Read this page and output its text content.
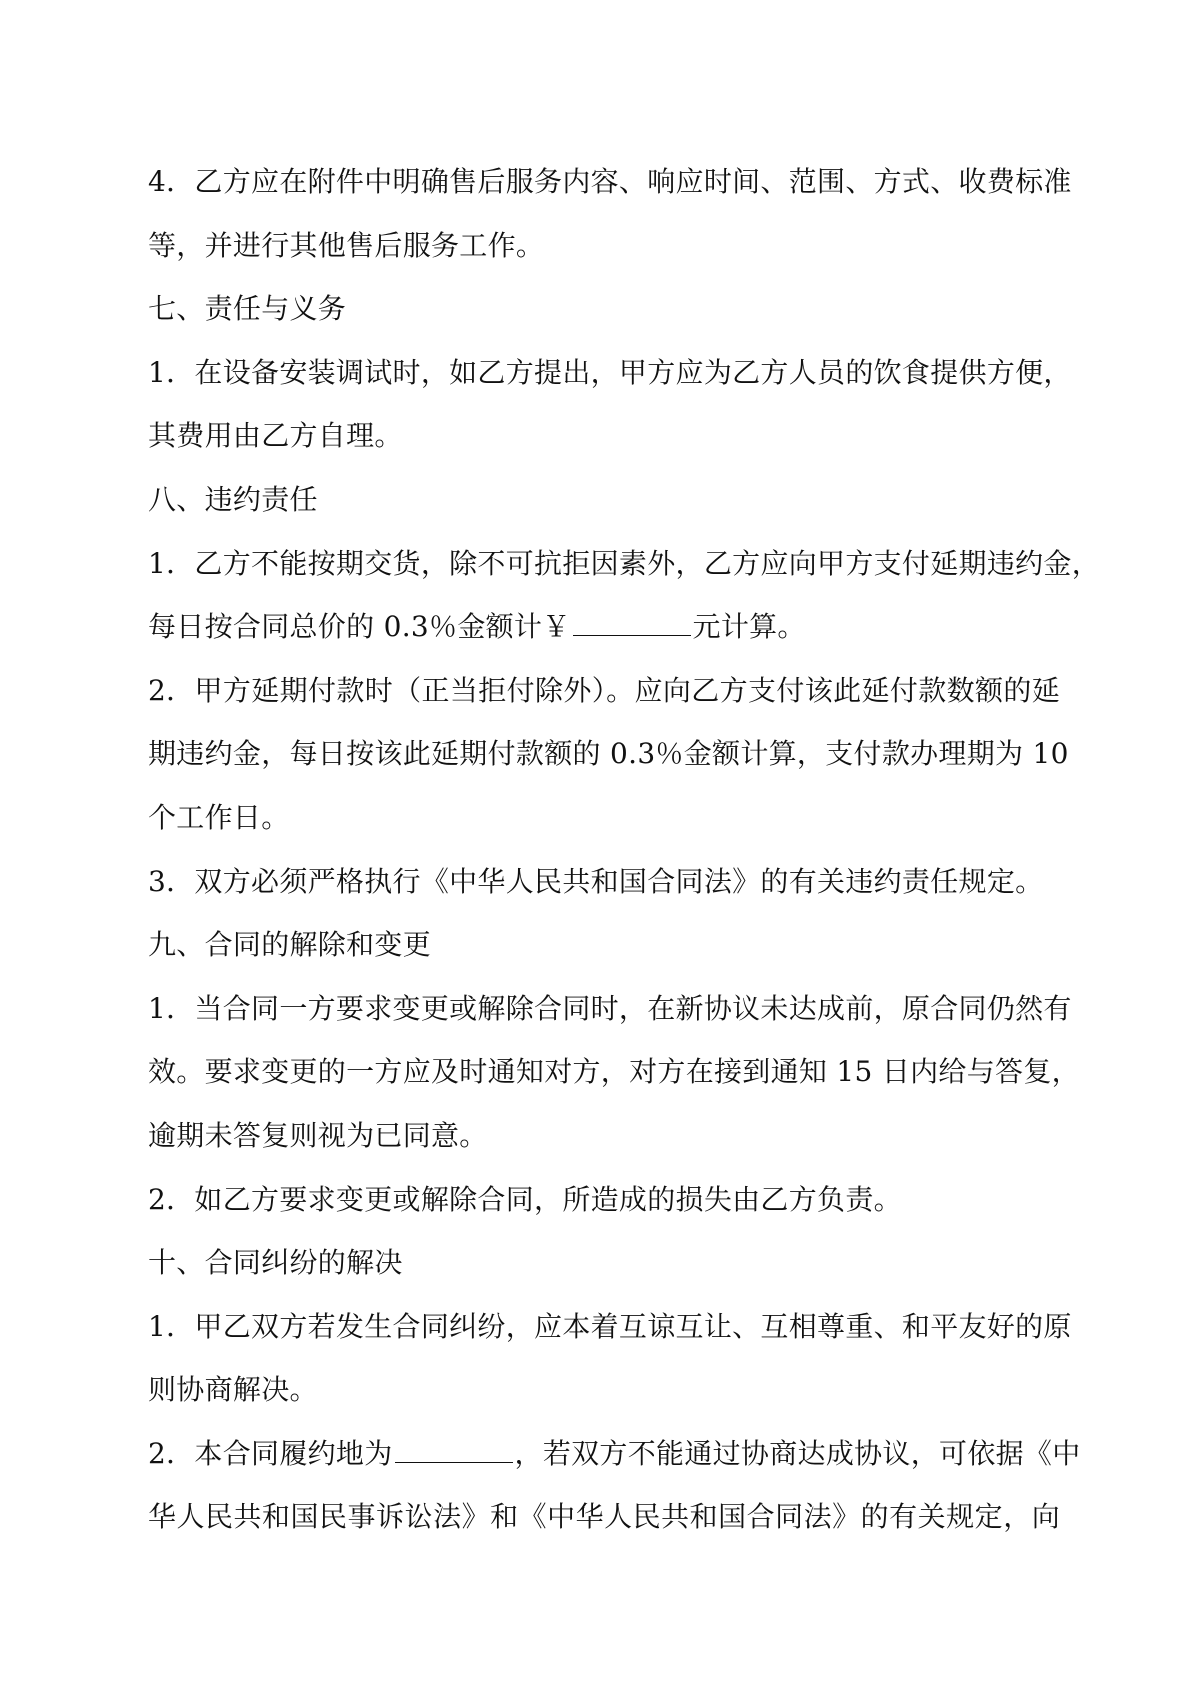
4．乙方应在附件中明确售后服务内容、响应时间、范围、方式、收费标准
等，并进行其他售后服务工作。
七、责任与义务
1．在设备安装调试时，如乙方提出，甲方应为乙方人员的饮食提供方便，
其费用由乙方自理。
八、违约责任
1．乙方不能按期交货，除不可抗拒因素外，乙方应向甲方支付延期违约金，
每日按合同总价的 0.3％金额计￥	元计算。
2．甲方延期付款时（正当拒付除外）。应向乙方支付该此延付款数额的延
期违约金，每日按该此延期付款额的 0.3％金额计算，支付款办理期为 10
个工作日。
3．双方必须严格执行《中华人民共和国合同法》的有关违约责任规定。
九、合同的解除和变更
1．当合同一方要求变更或解除合同时，在新协议未达成前，原合同仍然有
效。要求变更的一方应及时通知对方，对方在接到通知 15 日内给与答复，
逾期未答复则视为已同意。
2．如乙方要求变更或解除合同，所造成的损失由乙方负责。
十、合同纠纷的解决
1．甲乙双方若发生合同纠纷，应本着互谅互让、互相尊重、和平友好的原
则协商解决。
2．本合同履约地为	，若双方不能通过协商达成协议，可依据《中
华人民共和国民事诉讼法》和《中华人民共和国合同法》的有关规定，向
